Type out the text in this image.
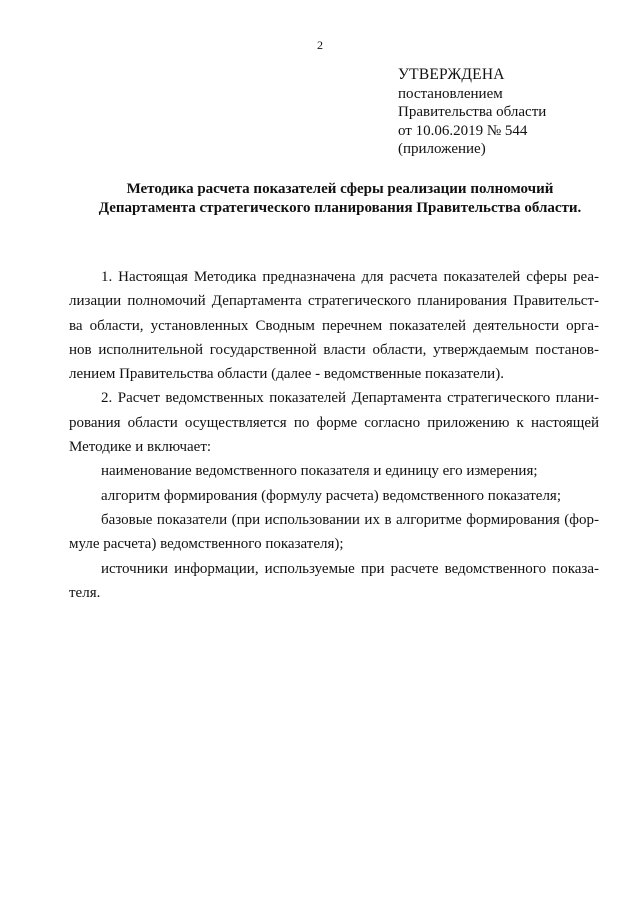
2
УТВЕРЖДЕНА
постановлением
Правительства области
от 10.06.2019 № 544
(приложение)
Методика расчета показателей сферы реализации полномочий
Департамента стратегического планирования Правительства области.
1. Настоящая Методика предназначена для расчета показателей сферы реа-
лизации полномочий Департамента стратегического планирования Правительст-
ва области, установленных Сводным перечнем показателей деятельности орга-
нов исполнительной государственной власти области, утверждаемым постанов-
лением Правительства области (далее - ведомственные показатели).
2. Расчет ведомственных показателей Департамента стратегического плани-
рования области осуществляется по форме согласно приложению к настоящей
Методике и включает:
наименование ведомственного показателя и единицу его измерения;
алгоритм формирования (формулу расчета) ведомственного показателя;
базовые показатели (при использовании их в алгоритме формирования (фор-
муле расчета) ведомственного показателя);
источники информации, используемые при расчете ведомственного показа-
теля.
